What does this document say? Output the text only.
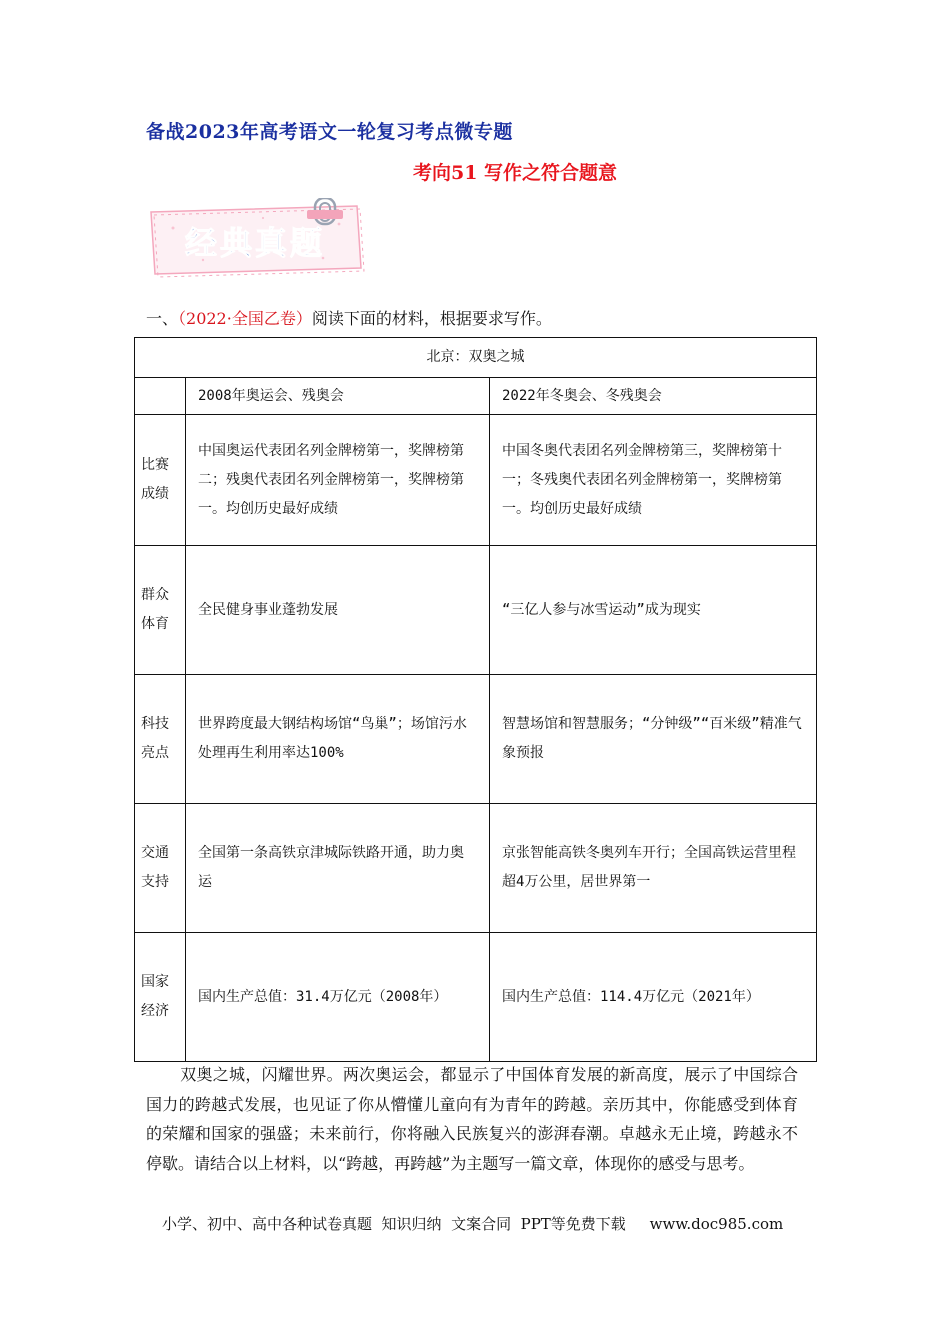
备战2023年高考语文一轮复习考点微专题
考向51 写作之符合题意
经典真题
一、（2022·全国乙卷）阅读下面的材料，根据要求写作。
北京：双奥之城		
	2008年奥运会、残奥会	2022年冬奥会、冬残奥会
比赛成绩	中国奥运代表团名列金牌榜第一，奖牌榜第二；残奥代表团名列金牌榜第一，奖牌榜第一。均创历史最好成绩	中国冬奥代表团名列金牌榜第三，奖牌榜第十一；冬残奥代表团名列金牌榜第一，奖牌榜第一。均创历史最好成绩
群众体育	全民健身事业蓬勃发展	“三亿人参与冰雪运动”成为现实
科技亮点	世界跨度最大钢结构场馆“鸟巢”；场馆污水处理再生利用率达100%	智慧场馆和智慧服务；“分钟级”“百米级”精准气象预报
交通支持	全国第一条高铁京津城际铁路开通，助力奥运	京张智能高铁冬奥列车开行；全国高铁运营里程超4万公里，居世界第一
国家经济	国内生产总值：31.4万亿元（2008年）	国内生产总值：114.4万亿元（2021年）
双奥之城，闪耀世界。两次奥运会，都显示了中国体育发展的新高度，展示了中国综合国力的跨越式发展，也见证了你从懵懂儿童向有为青年的跨越。亲历其中，你能感受到体育的荣耀和国家的强盛；未来前行，你将融入民族复兴的澎湃春潮。卓越永无止境，跨越永不停歇。请结合以上材料，以“跨越，再跨越”为主题写一篇文章，体现你的感受与思考。
小学、初中、高中各种试卷真题  知识归纳  文案合同  PPT等免费下载     www.doc985.com
